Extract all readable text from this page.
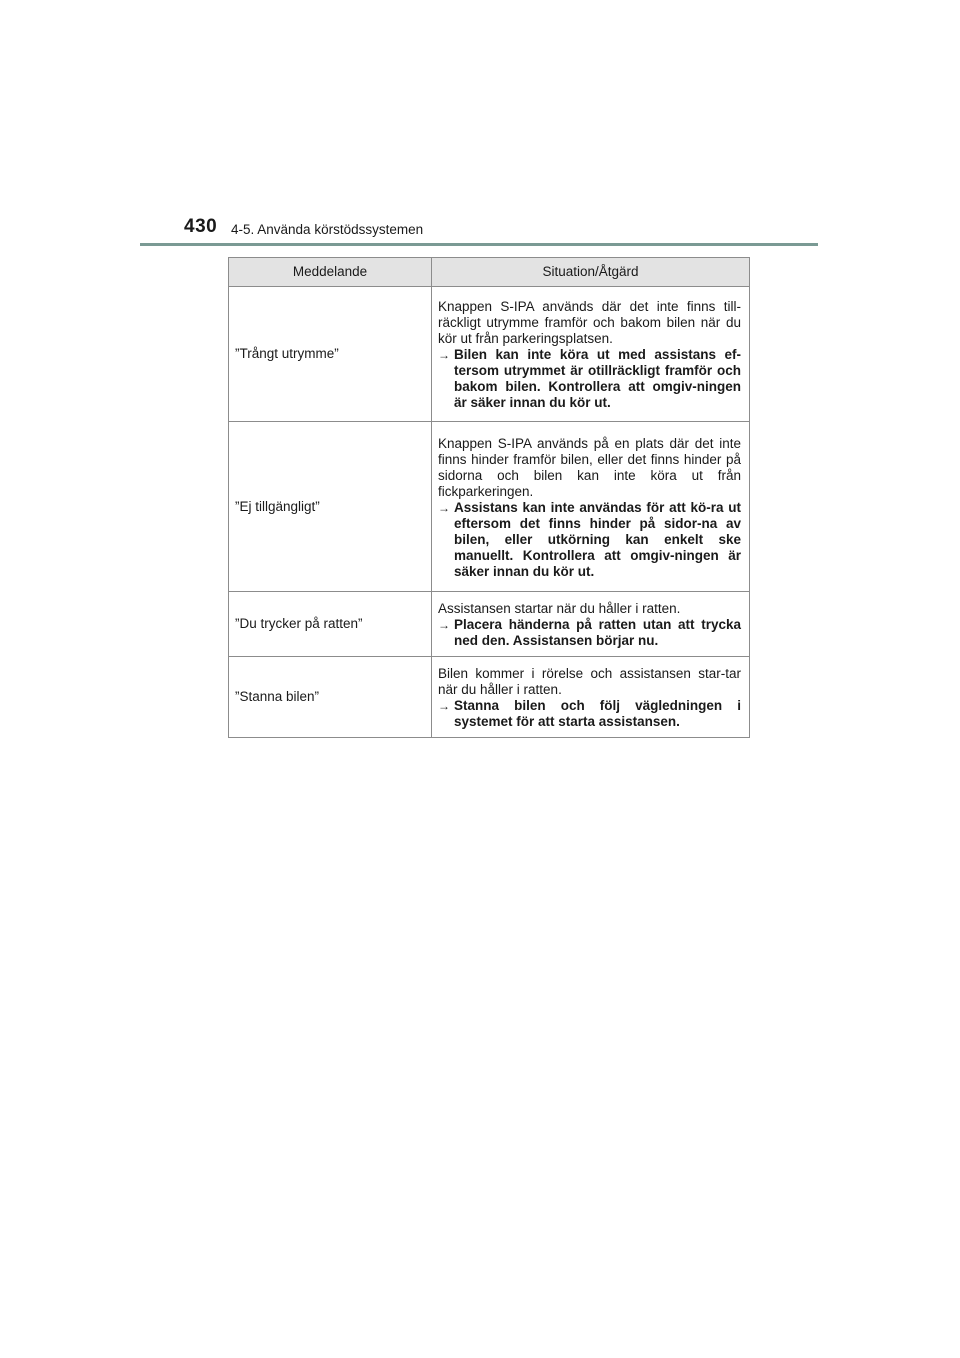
430 4-5. Använda körstödssystemen
Meddelande	Situation/Åtgärd
”Trångt utrymme”	Knappen S-IPA används där det inte finns till-räckligt utrymme framför och bakom bilen när du kör ut från parkeringsplatsen.
→ Bilen kan inte köra ut med assistans ef-tersom utrymmet är otillräckligt framför och bakom bilen. Kontrollera att omgiv-ningen är säker innan du kör ut.

”Ej tillgängligt”	Knappen S-IPA används på en plats där det inte finns hinder framför bilen, eller det finns hinder på sidorna och bilen kan inte köra ut från fickparkeringen.
→ Assistans kan inte användas för att kö-ra ut eftersom det finns hinder på sidor-na av bilen, eller utkörning kan enkelt ske manuellt. Kontrollera att omgiv-ningen är säker innan du kör ut.

”Du trycker på ratten”	Assistansen startar när du håller i ratten.
→ Placera händerna på ratten utan att trycka ned den. Assistansen börjar nu.

”Stanna bilen”	Bilen kommer i rörelse och assistansen star-tar när du håller i ratten.
→ Stanna bilen och följ vägledningen i systemet för att starta assistansen.
